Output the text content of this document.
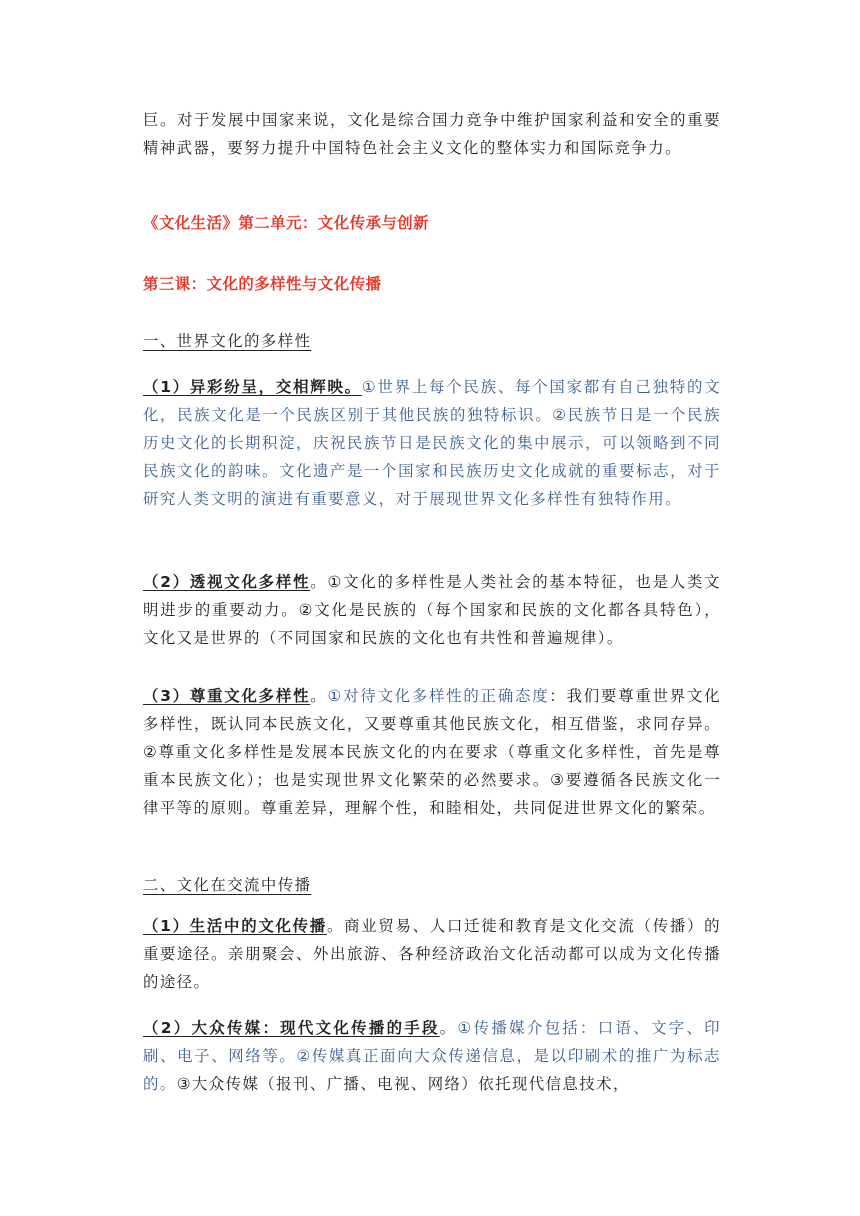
巨。对于发展中国家来说，文化是综合国力竞争中维护国家利益和安全的重要精神武器，要努力提升中国特色社会主义文化的整体实力和国际竞争力。

《文化生活》第二单元：文化传承与创新

第三课：文化的多样性与文化传播

一、世界文化的多样性

（1）异彩纷呈，交相辉映。①世界上每个民族、每个国家都有自己独特的文化，民族文化是一个民族区别于其他民族的独特标识。②民族节日是一个民族历史文化的长期积淀，庆祝民族节日是民族文化的集中展示，可以领略到不同民族文化的韵味。文化遗产是一个国家和民族历史文化成就的重要标志，对于研究人类文明的演进有重要意义，对于展现世界文化多样性有独特作用。

（2）透视文化多样性。①文化的多样性是人类社会的基本特征，也是人类文明进步的重要动力。②文化是民族的（每个国家和民族的文化都各具特色），文化又是世界的（不同国家和民族的文化也有共性和普遍规律）。

（3）尊重文化多样性。①对待文化多样性的正确态度：我们要尊重世界文化多样性，既认同本民族文化，又要尊重其他民族文化，相互借鉴，求同存异。②尊重文化多样性是发展本民族文化的内在要求（尊重文化多样性，首先是尊重本民族文化）；也是实现世界文化繁荣的必然要求。③要遵循各民族文化一律平等的原则。尊重差异，理解个性，和睦相处，共同促进世界文化的繁荣。

二、文化在交流中传播

（1）生活中的文化传播。商业贸易、人口迁徙和教育是文化交流（传播）的重要途径。亲朋聚会、外出旅游、各种经济政治文化活动都可以成为文化传播的途径。

（2）大众传媒：现代文化传播的手段。①传播媒介包括：口语、文字、印刷、电子、网络等。②传媒真正面向大众传递信息，是以印刷术的推广为标志的。③大众传媒（报刊、广播、电视、网络）依托现代信息技术，
